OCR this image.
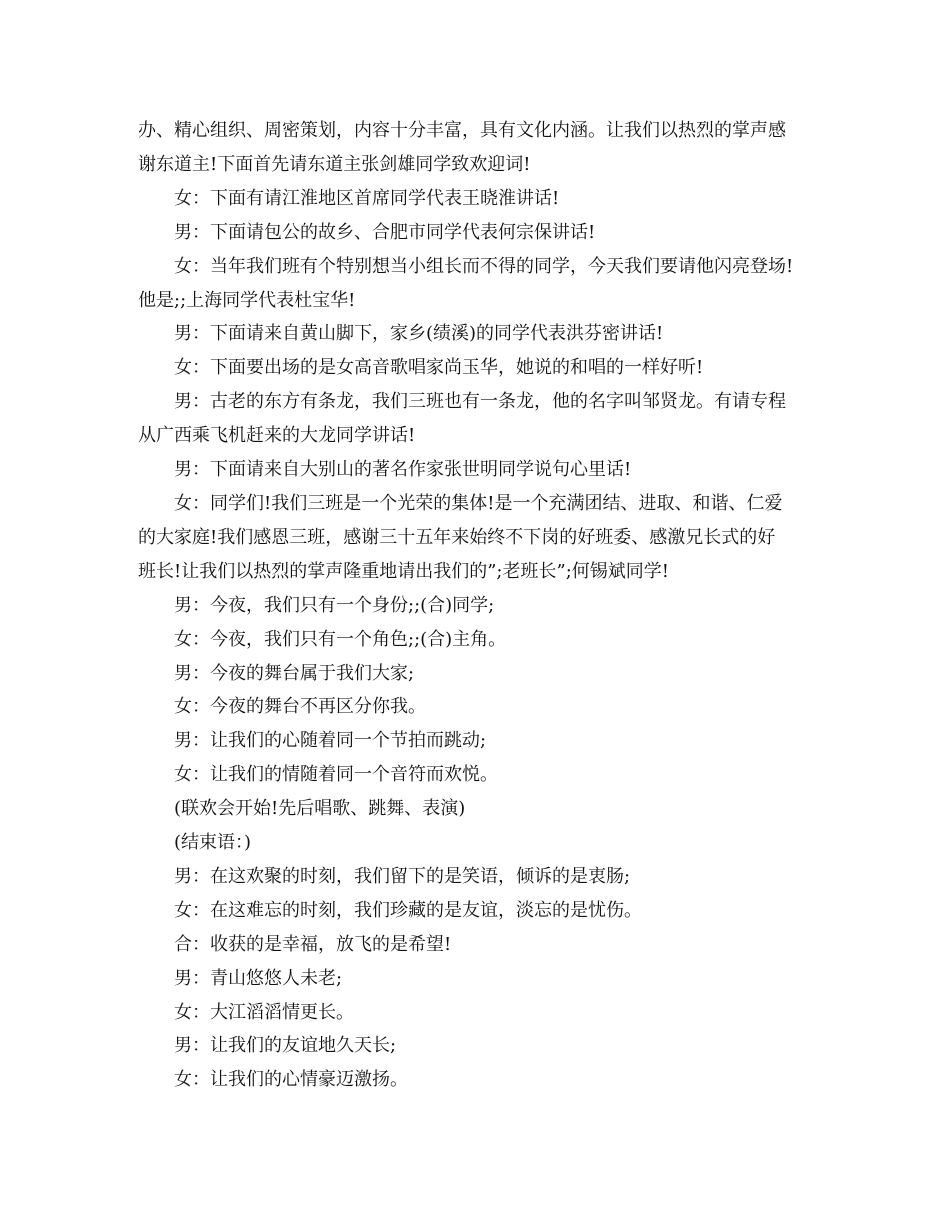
办、精心组织、周密策划，内容十分丰富，具有文化内涵。让我们以热烈的掌声感

谢东道主!下面首先请东道主张剑雄同学致欢迎词!

女：下面有请江淮地区首席同学代表王晓淮讲话!

男：下面请包公的故乡、合肥市同学代表何宗保讲话!

女：当年我们班有个特别想当小组长而不得的同学，今天我们要请他闪亮登场!

他是;;上海同学代表杜宝华!

男：下面请来自黄山脚下，家乡(绩溪)的同学代表洪芬密讲话!

女：下面要出场的是女高音歌唱家尚玉华，她说的和唱的一样好听!

男：古老的东方有条龙，我们三班也有一条龙，他的名字叫邹贤龙。有请专程

从广西乘飞机赶来的大龙同学讲话!

男：下面请来自大别山的著名作家张世明同学说句心里话!

女：同学们!我们三班是一个光荣的集体!是一个充满团结、进取、和谐、仁爱

的大家庭!我们感恩三班，感谢三十五年来始终不下岗的好班委、感激兄长式的好

班长!让我们以热烈的掌声隆重地请出我们的”;老班长”;何锡斌同学!

男：今夜，我们只有一个身份;;(合)同学;

女：今夜，我们只有一个角色;;(合)主角。

男：今夜的舞台属于我们大家;

女：今夜的舞台不再区分你我。

男：让我们的心随着同一个节拍而跳动;

女：让我们的情随着同一个音符而欢悦。

(联欢会开始!先后唱歌、跳舞、表演)

(结束语：)

男：在这欢聚的时刻，我们留下的是笑语，倾诉的是衷肠;

女：在这难忘的时刻，我们珍藏的是友谊，淡忘的是忧伤。

合：收获的是幸福，放飞的是希望!

男：青山悠悠人未老;

女：大江滔滔情更长。

男：让我们的友谊地久天长;

女：让我们的心情豪迈激扬。
